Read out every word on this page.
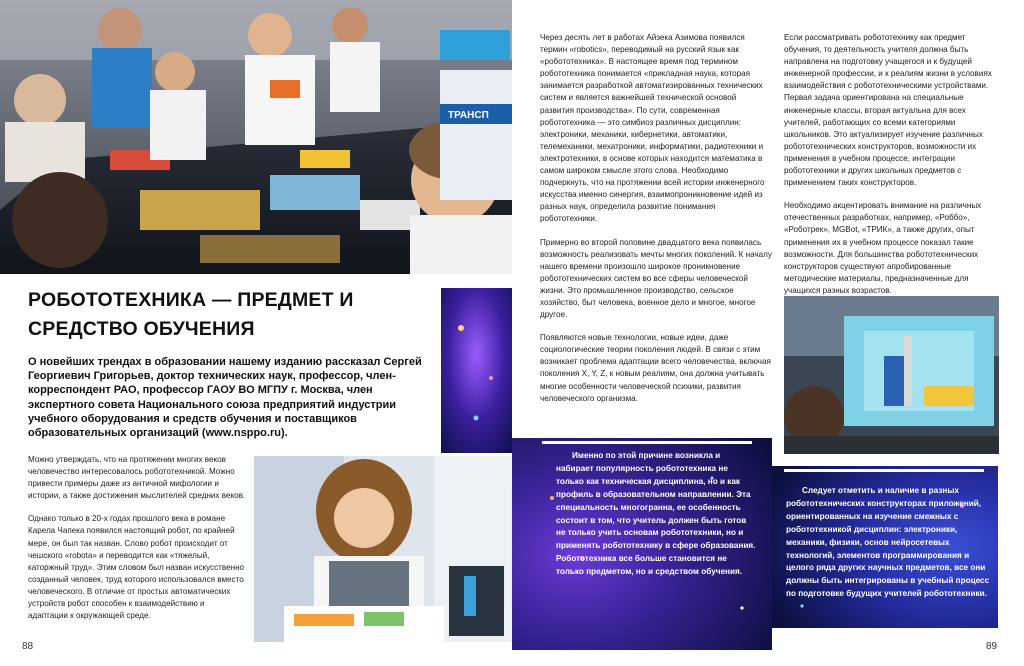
ТРАНСП
РОБОТОТЕХНИКА — ПРЕДМЕТ И СРЕДСТВО ОБУЧЕНИЯ

О новейших трендах в образовании нашему изданию рассказал Сергей Георгиевич Григорьев, доктор технических наук, профессор, член-корреспондент РАО, профессор ГАОУ ВО МГПУ г. Москва, член экспертного совета Национального союза предприятий индустрии учебного оборудования и средств обучения и поставщиков образовательных организаций (www.nsppo.ru).

Можно утверждать, что на протяжении многих веков человечество интересовалось робототехникой. Можно привести примеры даже из античной мифологии и истории, а также достижения мыслителей средних веков.

Однако только в 20-х годах прошлого века в романе Карела Чапека появился настоящий робот, по крайней мере, он был так назван. Слово робот происходит от чешского «robota» и переводится как «тяжелый, каторжный труд». Этим словом был назван искусственно созданный человек, труд которого использовался вместо человеческого. В отличие от простых автоматических устройств робот способен к взаимодействию и адаптации к окружающей среде.

88

Через десять лет в работах Айзека Азимова появился термин «robotics», переводимый на русский язык как «робототехника». В настоящее время под термином робототехника понимается «прикладная наука, которая занимается разработкой автоматизированных технических систем и является важнейшей технической основой развития производства». По сути, современная робототехника — это симбиоз различных дисциплин: электроники, механики, кибернетики, автоматики, телемеханики, мехатроники, информатики, радиотехники и электротехники, в основе которых находится математика в самом широком смысле этого слова. Необходимо подчеркнуть, что на протяжении всей истории инженерного искусства именно синергия, взаимопроникновение идей из разных наук, определила развитие понимания робототехники.

Примерно во второй половине двадцатого века появилась возможность реализовать мечты многих поколений. К началу нашего времени произошло широкое проникновение робототехнических систем во все сферы человеческой жизни. Это промышленное производство, сельское хозяйство, быт человека, военное дело и многое, многое другое.

Появляются новые технологии, новые идеи, даже социологические теории поколения людей. В связи с этим возникает проблема адаптации всего человечества, включая поколения X, Y, Z, к новым реалиям, она должна учитывать многие особенности человеческой психики, развития человеческого организма.

Если рассматривать робототехнику как предмет обучения, то деятельность учителя должна быть направлена на подготовку учащегося и к будущей инженерной профессии, и к реалиям жизни в условиях взаимодействия с робототехническими устройствами. Первая задача ориентирована на специальные инженерные классы, вторая актуальна для всех учителей, работающих со всеми категориями школьников. Это актуализирует изучение различных робототехнических конструкторов, возможности их применения в учебном процессе, интеграции робототехники и других школьных предметов с применением таких конструкторов.

Необходимо акцентировать внимание на различных отечественных разработках, например, «Роббо», «Роботрек», MGBot, «ТРИК», а также других, опыт применения их в учебном процессе показал такие возможности. Для большинства робототехнических конструкторов существуют апробированные методические материалы, предназначенные для учащихся разных возрастов.

Именно по этой причине возникла и набирает популярность робототехника не только как техническая дисциплина, но и как профиль в образовательном направлении. Эта специальность многогранна, ее особенность состоит в том, что учитель должен быть готов не только учить основам робототехники, но и применять робототехнику в сфере образования. Робототехника все больше становится не только предметом, но и средством обучения.

Следует отметить и наличие в разных робототехнических конструкторах приложений, ориентированных на изучение смежных с робототехникой дисциплин: электроники, механики, физики, основ нейросетевых технологий, элементов программирования и целого ряда других научных предметов, все они должны быть интегрированы в учебный процесс по подготовке будущих учителей робототехники.

89
